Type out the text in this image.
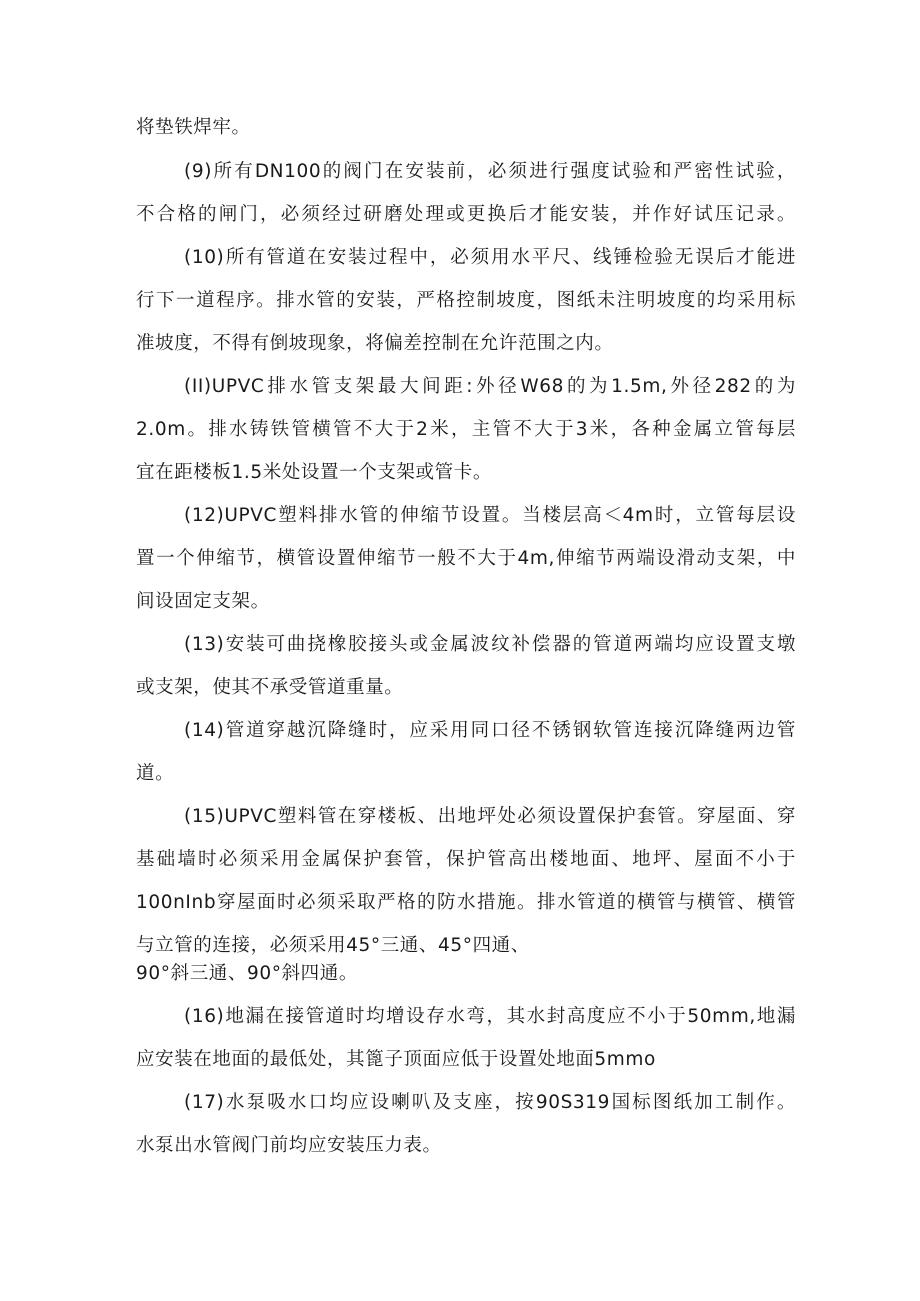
将垫铁焊牢。
(9)所有DN100的阀门在安装前，必须进行强度试验和严密性试验，
不合格的闸门，必须经过研磨处理或更换后才能安装，并作好试压记录。
(10)所有管道在安装过程中，必须用水平尺、线锤检验无误后才能进
行下一道程序。排水管的安装，严格控制坡度，图纸未注明坡度的均采用标
准坡度，不得有倒坡现象，将偏差控制在允许范围之内。
(II)UPVC排水管支架最大间距:外径W68的为1.5m,外径282的为
2.0m。排水铸铁管横管不大于2米，主管不大于3米，各种金属立管每层
宜在距楼板1.5米处设置一个支架或管卡。
(12)UPVC塑料排水管的伸缩节设置。当楼层高＜4m时，立管每层设
置一个伸缩节，横管设置伸缩节一般不大于4m,伸缩节两端设滑动支架，中
间设固定支架。
(13)安装可曲挠橡胶接头或金属波纹补偿器的管道两端均应设置支墩
或支架，使其不承受管道重量。
(14)管道穿越沉降缝时，应采用同口径不锈钢软管连接沉降缝两边管
道。
(15)UPVC塑料管在穿楼板、出地坪处必须设置保护套管。穿屋面、穿
基础墙时必须采用金属保护套管，保护管高出楼地面、地坪、屋面不小于
100nInb穿屋面时必须采取严格的防水措施。排水管道的横管与横管、横管
与立管的连接，必须采用45°三通、45°四通、
90°斜三通、90°斜四通。
(16)地漏在接管道时均增设存水弯，其水封高度应不小于50mm,地漏
应安装在地面的最低处，其篦子顶面应低于设置处地面5mmo
(17)水泵吸水口均应设喇叭及支座，按90S319国标图纸加工制作。
水泵出水管阀门前均应安装压力表。
